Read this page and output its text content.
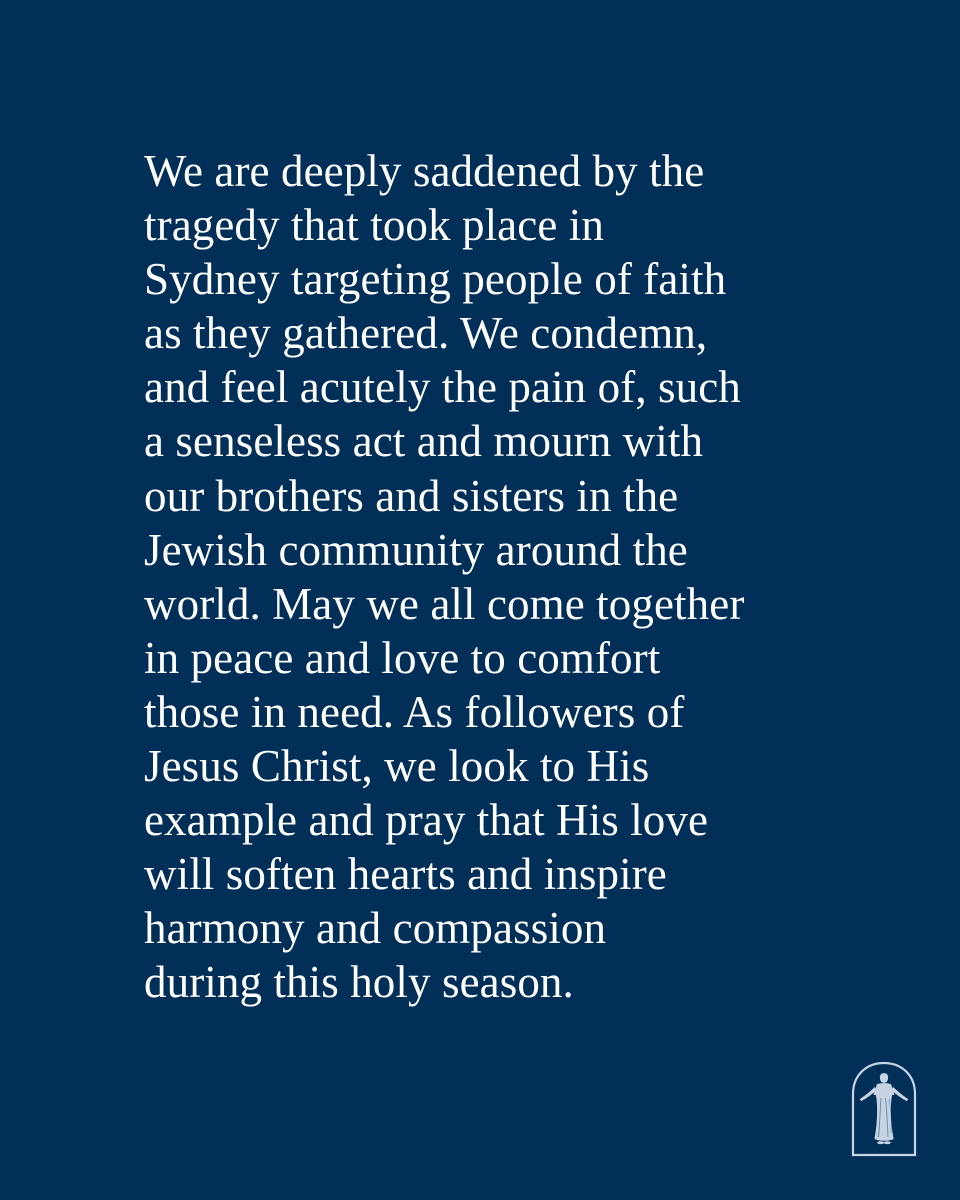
We are deeply saddened by the
tragedy that took place in
Sydney targeting people of faith
as they gathered. We condemn,
and feel acutely the pain of, such
a senseless act and mourn with
our brothers and sisters in the
Jewish community around the
world. May we all come together
in peace and love to comfort
those in need. As followers of
Jesus Christ, we look to His
example and pray that His love
will soften hearts and inspire
harmony and compassion
during this holy season.
